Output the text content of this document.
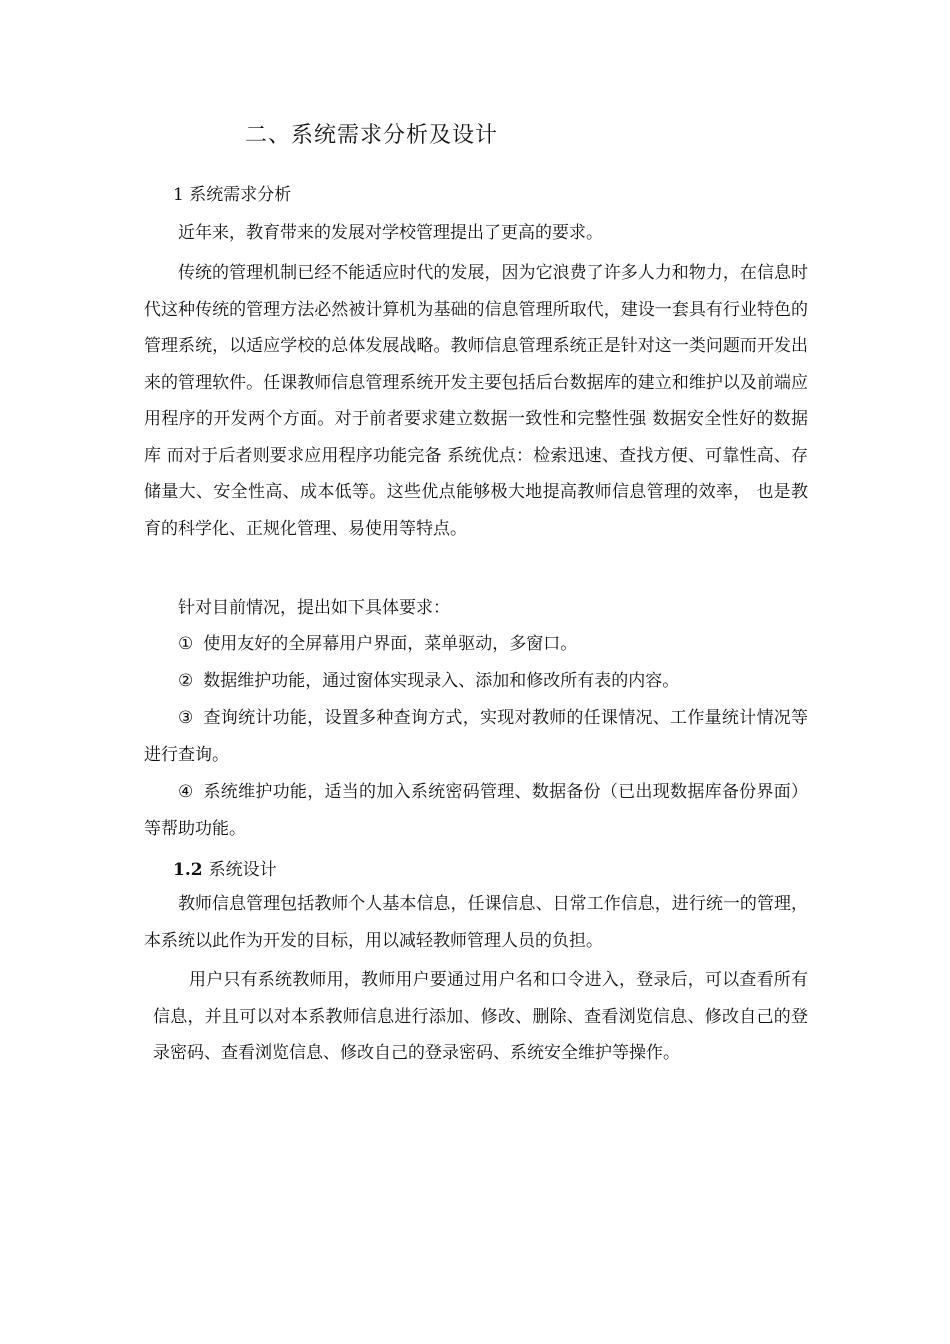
二、系统需求分析及设计
1 系统需求分析
近年来，教育带来的发展对学校管理提出了更高的要求。
传统的管理机制已经不能适应时代的发展，因为它浪费了许多人力和物力，在信息时代这种传统的管理方法必然被计算机为基础的信息管理所取代，建设一套具有行业特色的管理系统，以适应学校的总体发展战略。教师信息管理系统正是针对这一类问题而开发出来的管理软件。任课教师信息管理系统开发主要包括后台数据库的建立和维护以及前端应用程序的开发两个方面。对于前者要求建立数据一致性和完整性强 数据安全性好的数据库 而对于后者则要求应用程序功能完备 系统优点：检索迅速、查找方便、可靠性高、存储量大、安全性高、成本低等。这些优点能够极大地提高教师信息管理的效率， 也是教育的科学化、正规化管理、易使用等特点。
针对目前情况，提出如下具体要求：
① 使用友好的全屏幕用户界面，菜单驱动，多窗口。
② 数据维护功能，通过窗体实现录入、添加和修改所有表的内容。
③ 查询统计功能，设置多种查询方式，实现对教师的任课情况、工作量统计情况等进行查询。
④ 系统维护功能，适当的加入系统密码管理、数据备份（已出现数据库备份界面）等帮助功能。
1.2 系统设计
教师信息管理包括教师个人基本信息，任课信息、日常工作信息，进行统一的管理，本系统以此作为开发的目标，用以减轻教师管理人员的负担。
用户只有系统教师用，教师用户要通过用户名和口令进入，登录后，可以查看所有信息，并且可以对本系教师信息进行添加、修改、删除、查看浏览信息、修改自己的登录密码、查看浏览信息、修改自己的登录密码、系统安全维护等操作。
